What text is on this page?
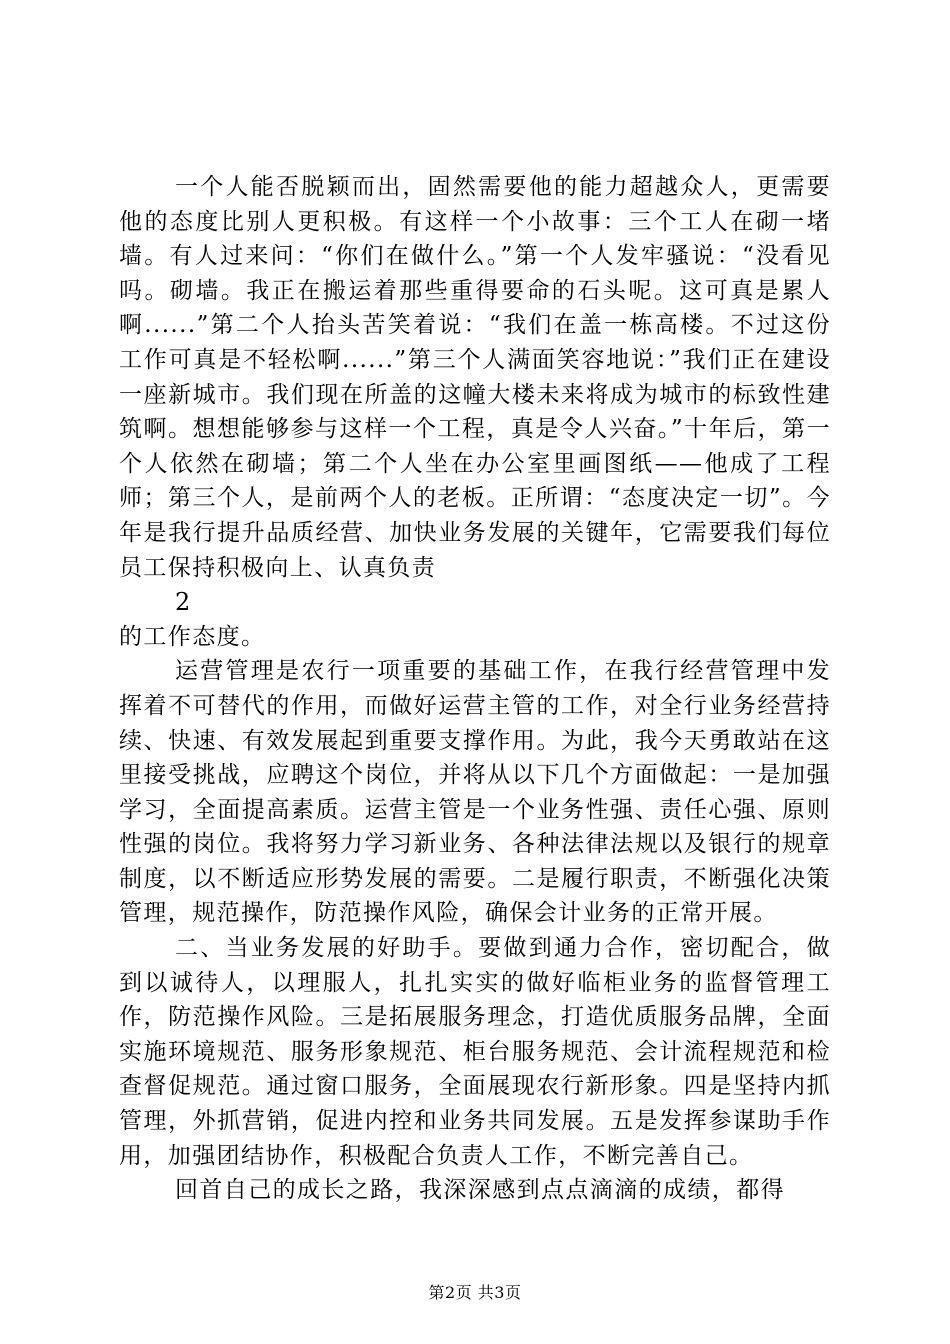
一个人能否脱颖而出，固然需要他的能力超越众人，更需要他的态度比别人更积极。有这样一个小故事：三个工人在砌一堵墙。有人过来问：“你们在做什么。”第一个人发牢骚说：“没看见吗。砌墙。我正在搬运着那些重得要命的石头呢。这可真是累人啊......”第二个人抬头苦笑着说：“我们在盖一栋高楼。不过这份工作可真是不轻松啊......”第三个人满面笑容地说：”我们正在建设一座新城市。我们现在所盖的这幢大楼未来将成为城市的标致性建筑啊。想想能够参与这样一个工程，真是令人兴奋。”十年后，第一个人依然在砌墙；第二个人坐在办公室里画图纸——他成了工程师；第三个人，是前两个人的老板。正所谓：“态度决定一切”。今年是我行提升品质经营、加快业务发展的关键年，它需要我们每位员工保持积极向上、认真负责

2

的工作态度。

运营管理是农行一项重要的基础工作，在我行经营管理中发挥着不可替代的作用，而做好运营主管的工作，对全行业务经营持续、快速、有效发展起到重要支撑作用。为此，我今天勇敢站在这里接受挑战，应聘这个岗位，并将从以下几个方面做起：一是加强学习，全面提高素质。运营主管是一个业务性强、责任心强、原则性强的岗位。我将努力学习新业务、各种法律法规以及银行的规章制度，以不断适应形势发展的需要。二是履行职责，不断强化决策管理，规范操作，防范操作风险，确保会计业务的正常开展。

二、当业务发展的好助手。要做到通力合作，密切配合，做到以诚待人，以理服人，扎扎实实的做好临柜业务的监督管理工作，防范操作风险。三是拓展服务理念，打造优质服务品牌，全面实施环境规范、服务形象规范、柜台服务规范、会计流程规范和检查督促规范。通过窗口服务，全面展现农行新形象。四是坚持内抓管理，外抓营销，促进内控和业务共同发展。五是发挥参谋助手作用，加强团结协作，积极配合负责人工作，不断完善自己。

回首自己的成长之路，我深深感到点点滴滴的成绩，都得

第2页 共3页
